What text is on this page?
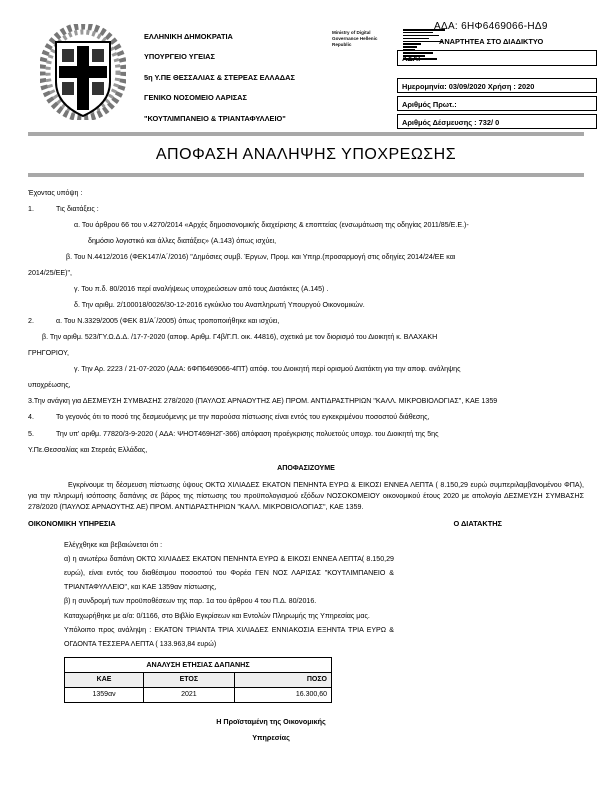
ΕΛΛΗΝΙΚΗ ΔΗΜΟΚΡΑΤΙΑ
ΥΠΟΥΡΓΕΙΟ ΥΓΕΙΑΣ
5η Υ.ΠΕ ΘΕΣΣΑΛΙΑΣ & ΣΤΕΡΕΑΣ ΕΛΛΑΔΑΣ
ΓΕΝΙΚΟ ΝΟΣΟΜΕΙΟ ΛΑΡΙΣΑΣ
"ΚΟΥΤΛΙΜΠΑΝΕΙΟ & ΤΡΙΑΝΤΑΦΥΛΛΕΙΟ"
Ministry of Digital Governance Hellenic Republic
ΑΔΑ: 6ΗΦ6469066-ΗΔ9
ΑΝΑΡΤΗΤΕΑ ΣΤΟ ΔΙΑΔΙΚΤΥΟ
ΑΔΑ:
Ημερομηνία: 03/09/2020 Χρήση : 2020
Αριθμός Πρωτ.:
Αριθμός Δέσμευσης : 732/ 0
ΑΠΟΦΑΣΗ ΑΝΑΛΗΨΗΣ ΥΠΟΧΡΕΩΣΗΣ
Έχοντας υπόψη :
1.	Τις διατάξεις :
α. Του άρθρου 66 του ν.4270/2014 «Αρχές δημοσιονομικής διαχείρισης & εποπτείας (ενσωμάτωση της οδηγίας 2011/85/Ε.Ε.)-
δημόσιο λογιστικό και άλλες διατάξεις» (Α.143) όπως ισχύει,
β. Του Ν.4412/2016 (ΦΕΚ147/Α΄/2016) "Δημόσιες συμβ. Έργων, Προμ. και Υπηρ.(προσαρμογή στις οδηγίες 2014/24/ΕΕ και
2014/25/ΕΕ)",
γ. Του π.δ. 80/2016 περί αναλήψεως υποχρεώσεων από τους Διατάκτες (Α.145) .
δ. Την αριθμ. 2/100018/0026/30-12-2016 εγκύκλιο του Αναπληρωτή Υπουργού Οικονομικών.
2.	α. Του Ν.3329/2005 (ΦΕΚ 81/Α΄/2005) όπως τροποποιήθηκε και ισχύει,
β. Την αριθμ. 523/ΓΥ.Ω.Δ.Δ. /17-7-2020 (αποφ. Αριθμ. Γ4β/Γ.Π. οικ. 44816), σχετικά με τον διορισμό του Διοικητή κ. ΒΛΑΧΑΚΗ
ΓΡΗΓΟΡΙΟΥ,
γ. Την Αρ. 2223 / 21-07-2020 (ΑΔΑ: 6ΦΠ6469066-4ΠΤ) απόφ. του Διοικητή περί ορισμού Διατάκτη για την αποφ. ανάληψης
υποχρέωσης,
3.Την ανάγκη για ΔΕΣΜΕΥΣΗ ΣΥΜΒΑΣΗΣ 278/2020 (ΠΑΥΛΟΣ ΑΡΝΑΟΥΤΗΣ ΑΕ) ΠΡΟΜ. ΑΝΤΙΔΡΑΣΤΗΡΙΩΝ "ΚΑΛΛ. ΜΙΚΡΟΒΙΟΛΟΓΙΑΣ", ΚΑΕ 1359
4.	Το γεγονός ότι το ποσό της δεσμευόμενης με την παρούσα πίστωσης είναι εντός του εγκεκριμένου ποσοστού διάθεσης,
5.	Την υπ' αριθμ. 77820/3-9-2020 ( ΑΔΑ: ΨΗΟΤ469Η2Γ-366) απόφαση προέγκρισης πολυετούς υποχρ. του Διοικητή της 5ης
Υ.Πε.Θεσσαλίας και Στερεάς Ελλάδας,
ΑΠΟΦΑΣΙΖΟΥΜΕ
Εγκρίνουμε τη δέσμευση πίστωσης ύψους ΟΚΤΩ ΧΙΛΙΑΔΕΣ ΕΚΑΤΟΝ ΠΕΝΗΝΤΑ ΕΥΡΩ & ΕΙΚΟΣΙ ΕΝΝΕΑ ΛΕΠΤΑ ( 8.150,29 ευρώ συμπεριλαμβανομένου ΦΠΑ), για την πληρωμή ισόποσης δαπάνης σε βάρος της πίστωσης του προϋπολογισμού εξόδων ΝΟΣΟΚΟΜΕΙΟΥ οικονομικού έτους 2020 με απολογία ΔΕΣΜΕΥΣΗ ΣΥΜΒΑΣΗΣ 278/2020 (ΠΑΥΛΟΣ ΑΡΝΑΟΥΤΗΣ ΑΕ) ΠΡΟΜ. ΑΝΤΙΔΡΑΣΤΗΡΙΩΝ "ΚΑΛΛ. ΜΙΚΡΟΒΙΟΛΟΓΙΑΣ", ΚΑΕ 1359.
ΟΙΚΟΝΟΜΙΚΗ ΥΠΗΡΕΣΙΑ	Ο ΔΙΑΤΑΚΤΗΣ
Ελέγχθηκε και βεβαιώνεται ότι :
α) η ανωτέρω δαπάνη ΟΚΤΩ ΧΙΛΙΑΔΕΣ ΕΚΑΤΟΝ ΠΕΝΗΝΤΑ ΕΥΡΩ & ΕΙΚΟΣΙ ΕΝΝΕΑ ΛΕΠΤΑ( 8.150,29 ευρώ), είναι εντός του διαθέσιμου ποσοστού του Φορέα ΓΕΝ ΝΟΣ ΛΑΡΙΣΑΣ "ΚΟΥΤΛΙΜΠΑΝΕΙΟ & ΤΡΙΑΝΤΑΦΥΛΛΕΙΟ", και ΚΑΕ 1359αν πίστωσης,
β) η συνδρομή των προϋποθέσεων της παρ. 1α του άρθρου 4 του Π.Δ. 80/2016.
Καταχωρήθηκε με α/α: 0/1166, στο Βιβλίο Εγκρίσεων και Εντολών Πληρωμής της Υπηρεσίας μας.
Υπόλοιπο προς ανάληψη : ΕΚΑΤΟΝ ΤΡΙΑΝΤΑ ΤΡΙΑ ΧΙΛΙΑΔΕΣ ΕΝΝΙΑΚΟΣΙΑ ΕΞΗΝΤΑ ΤΡΙΑ ΕΥΡΩ & ΟΓΔΟΝΤΑ ΤΕΣΣΕΡΑ ΛΕΠΤΑ ( 133.963,84 ευρώ)
ΑΝΑΛΥΣΗ ΕΤΗΣΙΑΣ ΔΑΠΑΝΗΣ		
ΚΑΕ	ΕΤΟΣ	ΠΟΣΟ
1359αν	2021	16.300,60
Η Προϊσταμένη της Οικονομικής
Υπηρεσίας
